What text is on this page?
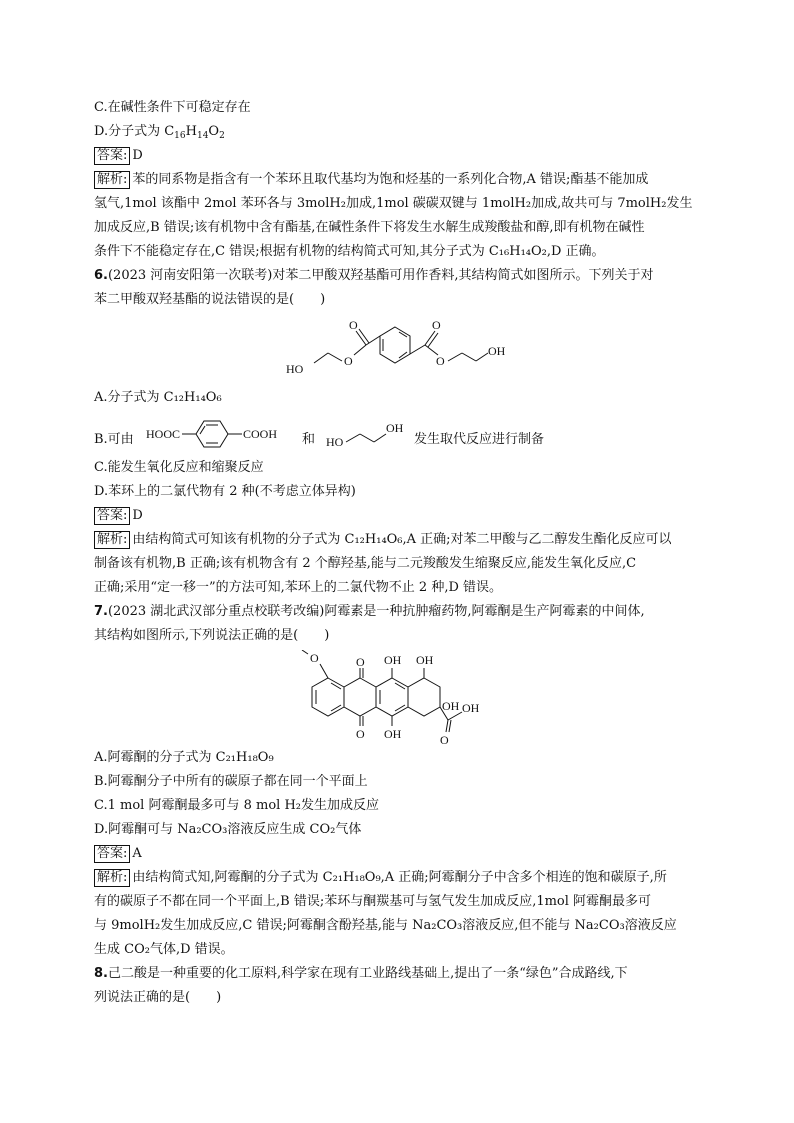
C.在碱性条件下可稳定存在
D.分子式为 $C_{16}H_{14}O_2$
答案: D
解析: 苯的同系物是指含有一个苯环且取代基均为饱和烃基的一系列化合物,A 错误;酯基不能加成
氢气,1mol 该酯中 2mol 苯环各与 3molH₂加成,1mol 碳碳双键与 1molH₂加成,故共可与 7molH₂发生
加成反应,B 错误;该有机物中含有酯基,在碱性条件下将发生水解生成羧酸盐和醇,即有机物在碱性
条件下不能稳定存在,C 错误;根据有机物的结构简式可知,其分子式为 C₁₆H₁₄O₂,D 正确。
6.(2023 河南安阳第一次联考)对苯二甲酸双羟基酯可用作香料,其结构简式如图所示。下列关于对
苯二甲酸双羟基酯的说法错误的是(　　)
O
O
HO
O
O
OH
A.分子式为 C₁₂H₁₄O₆
B.可由 HOOC	COOH 和 HO
OH
发生取代反应进行制备
C.能发生氧化反应和缩聚反应
D.苯环上的二氯代物有 2 种(不考虑立体异构)
答案: D
解析: 由结构简式可知该有机物的分子式为 C₁₂H₁₄O₆,A 正确;对苯二甲酸与乙二醇发生酯化反应可以
制备该有机物,B 正确;该有机物含有 2 个醇羟基,能与二元羧酸发生缩聚反应,能发生氧化反应,C
正确;采用“定一移一”的方法可知,苯环上的二氯代物不止 2 种,D 错误。
7.(2023 湖北武汉部分重点校联考改编)阿霉素是一种抗肿瘤药物,阿霉酮是生产阿霉素的中间体,
其结构如图所示,下列说法正确的是(　　)
O	O
O
OH
OH
OH
OH
O
OH
A.阿霉酮的分子式为 C₂₁H₁₈O₉
B.阿霉酮分子中所有的碳原子都在同一个平面上
C.1 mol 阿霉酮最多可与 8 mol H₂发生加成反应
D.阿霉酮可与 Na₂CO₃溶液反应生成 CO₂气体
答案: A
解析: 由结构简式知,阿霉酮的分子式为 C₂₁H₁₈O₉,A 正确;阿霉酮分子中含多个相连的饱和碳原子,所
有的碳原子不都在同一个平面上,B 错误;苯环与酮羰基可与氢气发生加成反应,1mol 阿霉酮最多可
与 9molH₂发生加成反应,C 错误;阿霉酮含酚羟基,能与 Na₂CO₃溶液反应,但不能与 Na₂CO₃溶液反应
生成 CO₂气体,D 错误。
8.己二酸是一种重要的化工原料,科学家在现有工业路线基础上,提出了一条“绿色”合成路线,下
列说法正确的是(　　)
